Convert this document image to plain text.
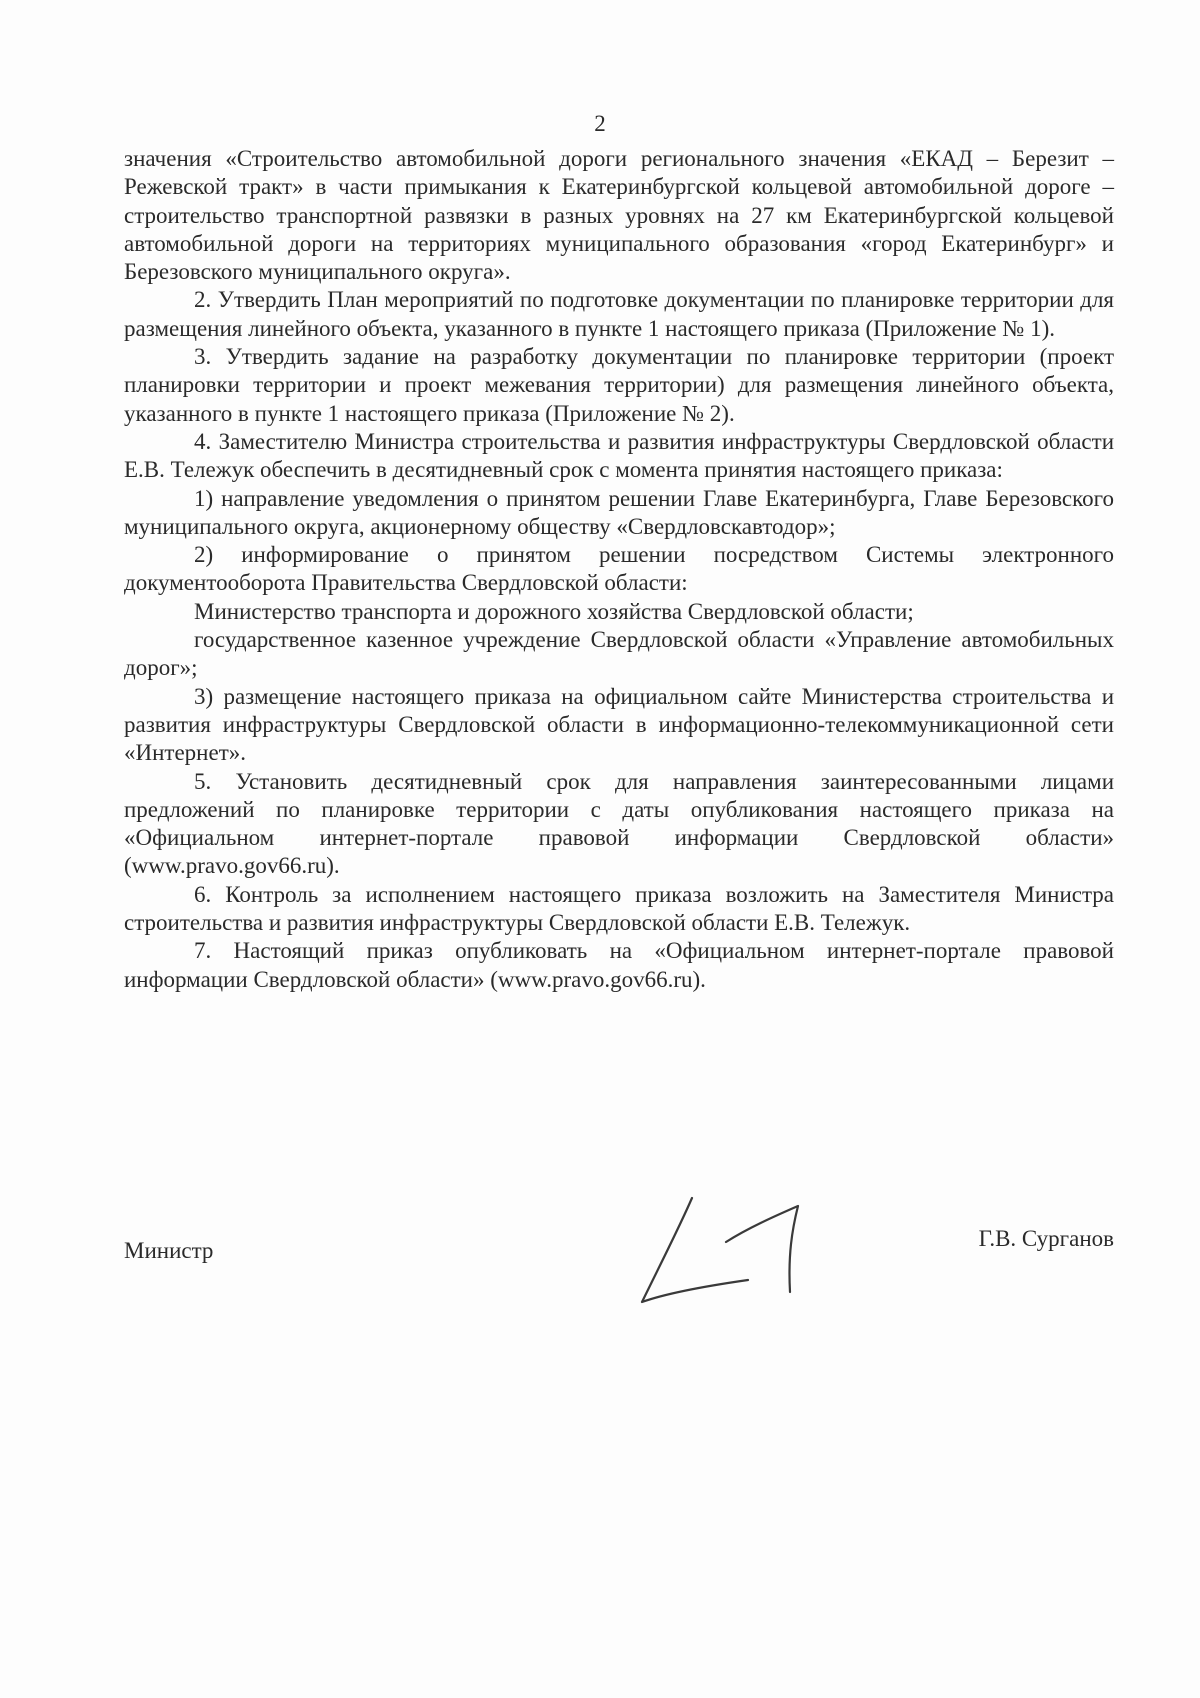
2

значения «Строительство автомобильной дороги регионального значения «ЕКАД – Березит – Режевской тракт» в части примыкания к Екатеринбургской кольцевой автомобильной дороге – строительство транспортной развязки в разных уровнях на 27 км Екатеринбургской кольцевой автомобильной дороги на территориях муниципального образования «город Екатеринбург» и Березовского муниципального округа».

2. Утвердить План мероприятий по подготовке документации по планировке территории для размещения линейного объекта, указанного в пункте 1 настоящего приказа (Приложение № 1).

3. Утвердить задание на разработку документации по планировке территории (проект планировки территории и проект межевания территории) для размещения линейного объекта, указанного в пункте 1 настоящего приказа (Приложение № 2).

4. Заместителю Министра строительства и развития инфраструктуры Свердловской области Е.В. Тележук обеспечить в десятидневный срок с момента принятия настоящего приказа:

1) направление уведомления о принятом решении Главе Екатеринбурга, Главе Березовского муниципального округа, акционерному обществу «Свердловскавтодор»;

2) информирование о принятом решении посредством Системы электронного документооборота Правительства Свердловской области:

Министерство транспорта и дорожного хозяйства Свердловской области;

государственное казенное учреждение Свердловской области «Управление автомобильных дорог»;

3) размещение настоящего приказа на официальном сайте Министерства строительства и развития инфраструктуры Свердловской области в информационно-телекоммуникационной сети «Интернет».

5. Установить десятидневный срок для направления заинтересованными лицами предложений по планировке территории с даты опубликования настоящего приказа на «Официальном интернет-портале правовой информации Свердловской области» (www.pravo.gov66.ru).

6. Контроль за исполнением настоящего приказа возложить на Заместителя Министра строительства и развития инфраструктуры Свердловской области Е.В. Тележук.

7. Настоящий приказ опубликовать на «Официальном интернет-портале правовой информации Свердловской области» (www.pravo.gov66.ru).

Министр	Г.В. Сурганов
